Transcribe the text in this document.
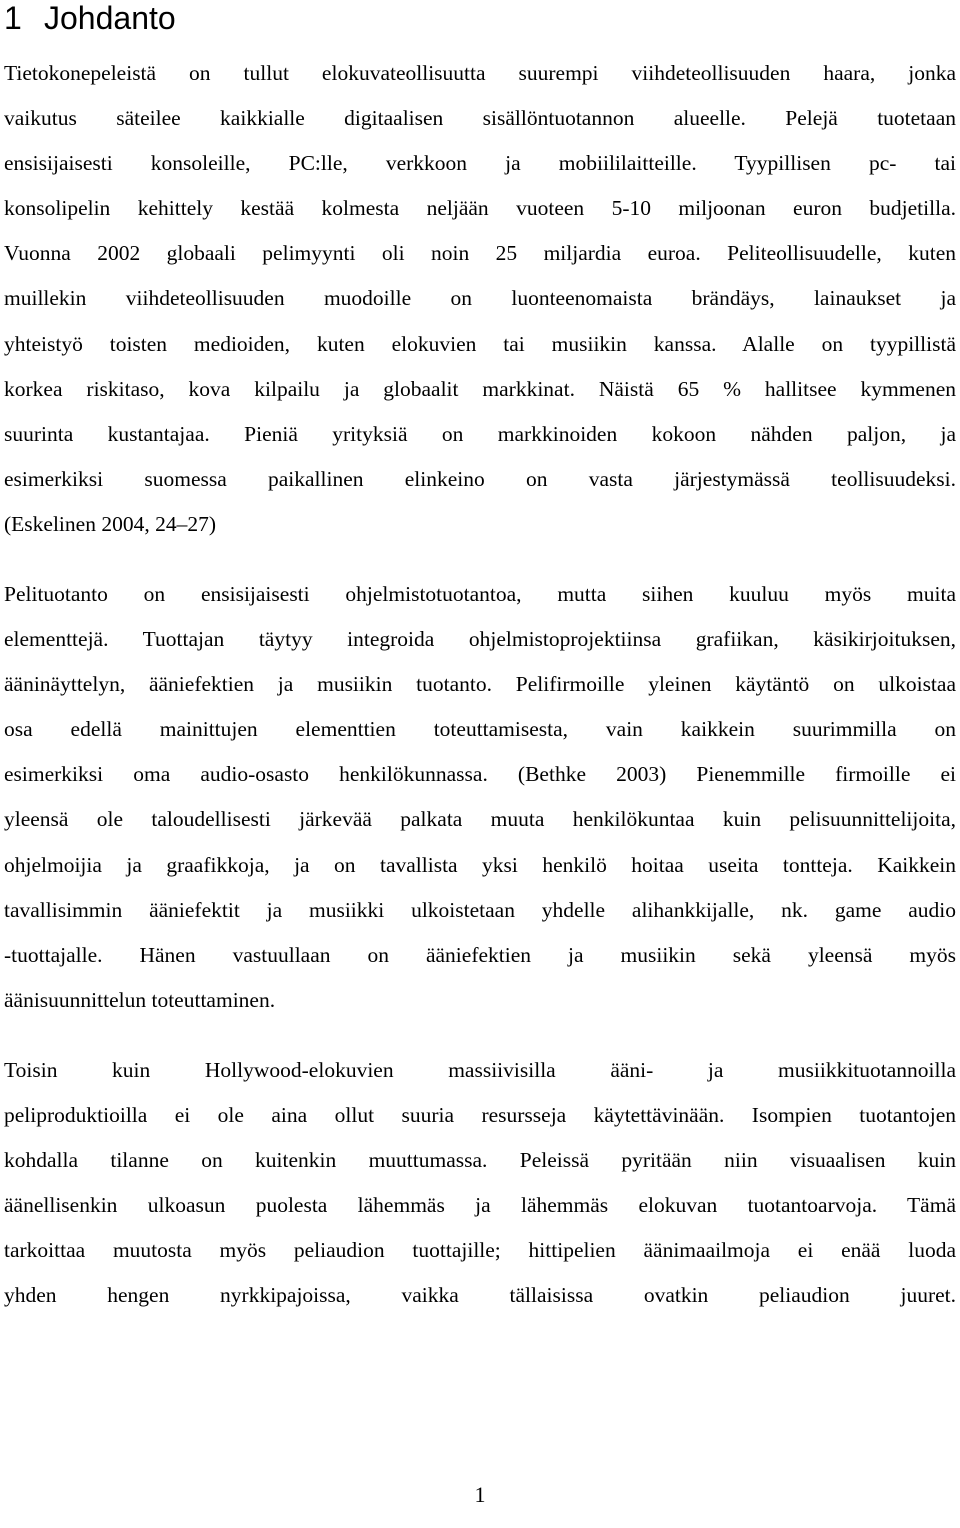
1 Johdanto

Tietokonepeleistä on tullut elokuvateollisuutta suurempi viihdeteollisuuden haara, jonka
vaikutus säteilee kaikkialle digitaalisen sisällöntuotannon alueelle. Pelejä tuotetaan
ensisijaisesti konsoleille, PC:lle, verkkoon ja mobiililaitteille. Tyypillisen pc- tai
konsolipelin kehittely kestää kolmesta neljään vuoteen 5-10 miljoonan euron budjetilla.
Vuonna 2002 globaali pelimyynti oli noin 25 miljardia euroa. Peliteollisuudelle, kuten
muillekin viihdeteollisuuden muodoille on luonteenomaista brändäys, lainaukset ja
yhteistyö toisten medioiden, kuten elokuvien tai musiikin kanssa. Alalle on tyypillistä
korkea riskitaso, kova kilpailu ja globaalit markkinat. Näistä 65 % hallitsee kymmenen
suurinta kustantajaa. Pieniä yrityksiä on markkinoiden kokoon nähden paljon, ja
esimerkiksi suomessa paikallinen elinkeino on vasta järjestymässä teollisuudeksi.
(Eskelinen 2004, 24–27)

Pelituotanto on ensisijaisesti ohjelmistotuotantoa, mutta siihen kuuluu myös muita
elementtejä. Tuottajan täytyy integroida ohjelmistoprojektiinsa grafiikan, käsikirjoituksen,
ääninäyttelyn, ääniefektien ja musiikin tuotanto. Pelifirmoille yleinen käytäntö on ulkoistaa
osa edellä mainittujen elementtien toteuttamisesta, vain kaikkein suurimmilla on
esimerkiksi oma audio-osasto henkilökunnassa. (Bethke 2003) Pienemmille firmoille ei
yleensä ole taloudellisesti järkevää palkata muuta henkilökuntaa kuin pelisuunnittelijoita,
ohjelmoijia ja graafikkoja, ja on tavallista yksi henkilö hoitaa useita tontteja. Kaikkein
tavallisimmin ääniefektit ja musiikki ulkoistetaan yhdelle alihankkijalle, nk. game audio
-tuottajalle. Hänen vastuullaan on ääniefektien ja musiikin sekä yleensä myös
äänisuunnittelun toteuttaminen.

Toisin kuin Hollywood-elokuvien massiivisilla ääni- ja musiikkituotannoilla
peliproduktioilla ei ole aina ollut suuria resursseja käytettävinään. Isompien tuotantojen
kohdalla tilanne on kuitenkin muuttumassa. Peleissä pyritään niin visuaalisen kuin
äänellisenkin ulkoasun puolesta lähemmäs ja lähemmäs elokuvan tuotantoarvoja. Tämä
tarkoittaa muutosta myös peliaudion tuottajille; hittipelien äänimaailmoja ei enää luoda
yhden hengen nyrkkipajoissa, vaikka tällaisissa ovatkin peliaudion juuret.

1
